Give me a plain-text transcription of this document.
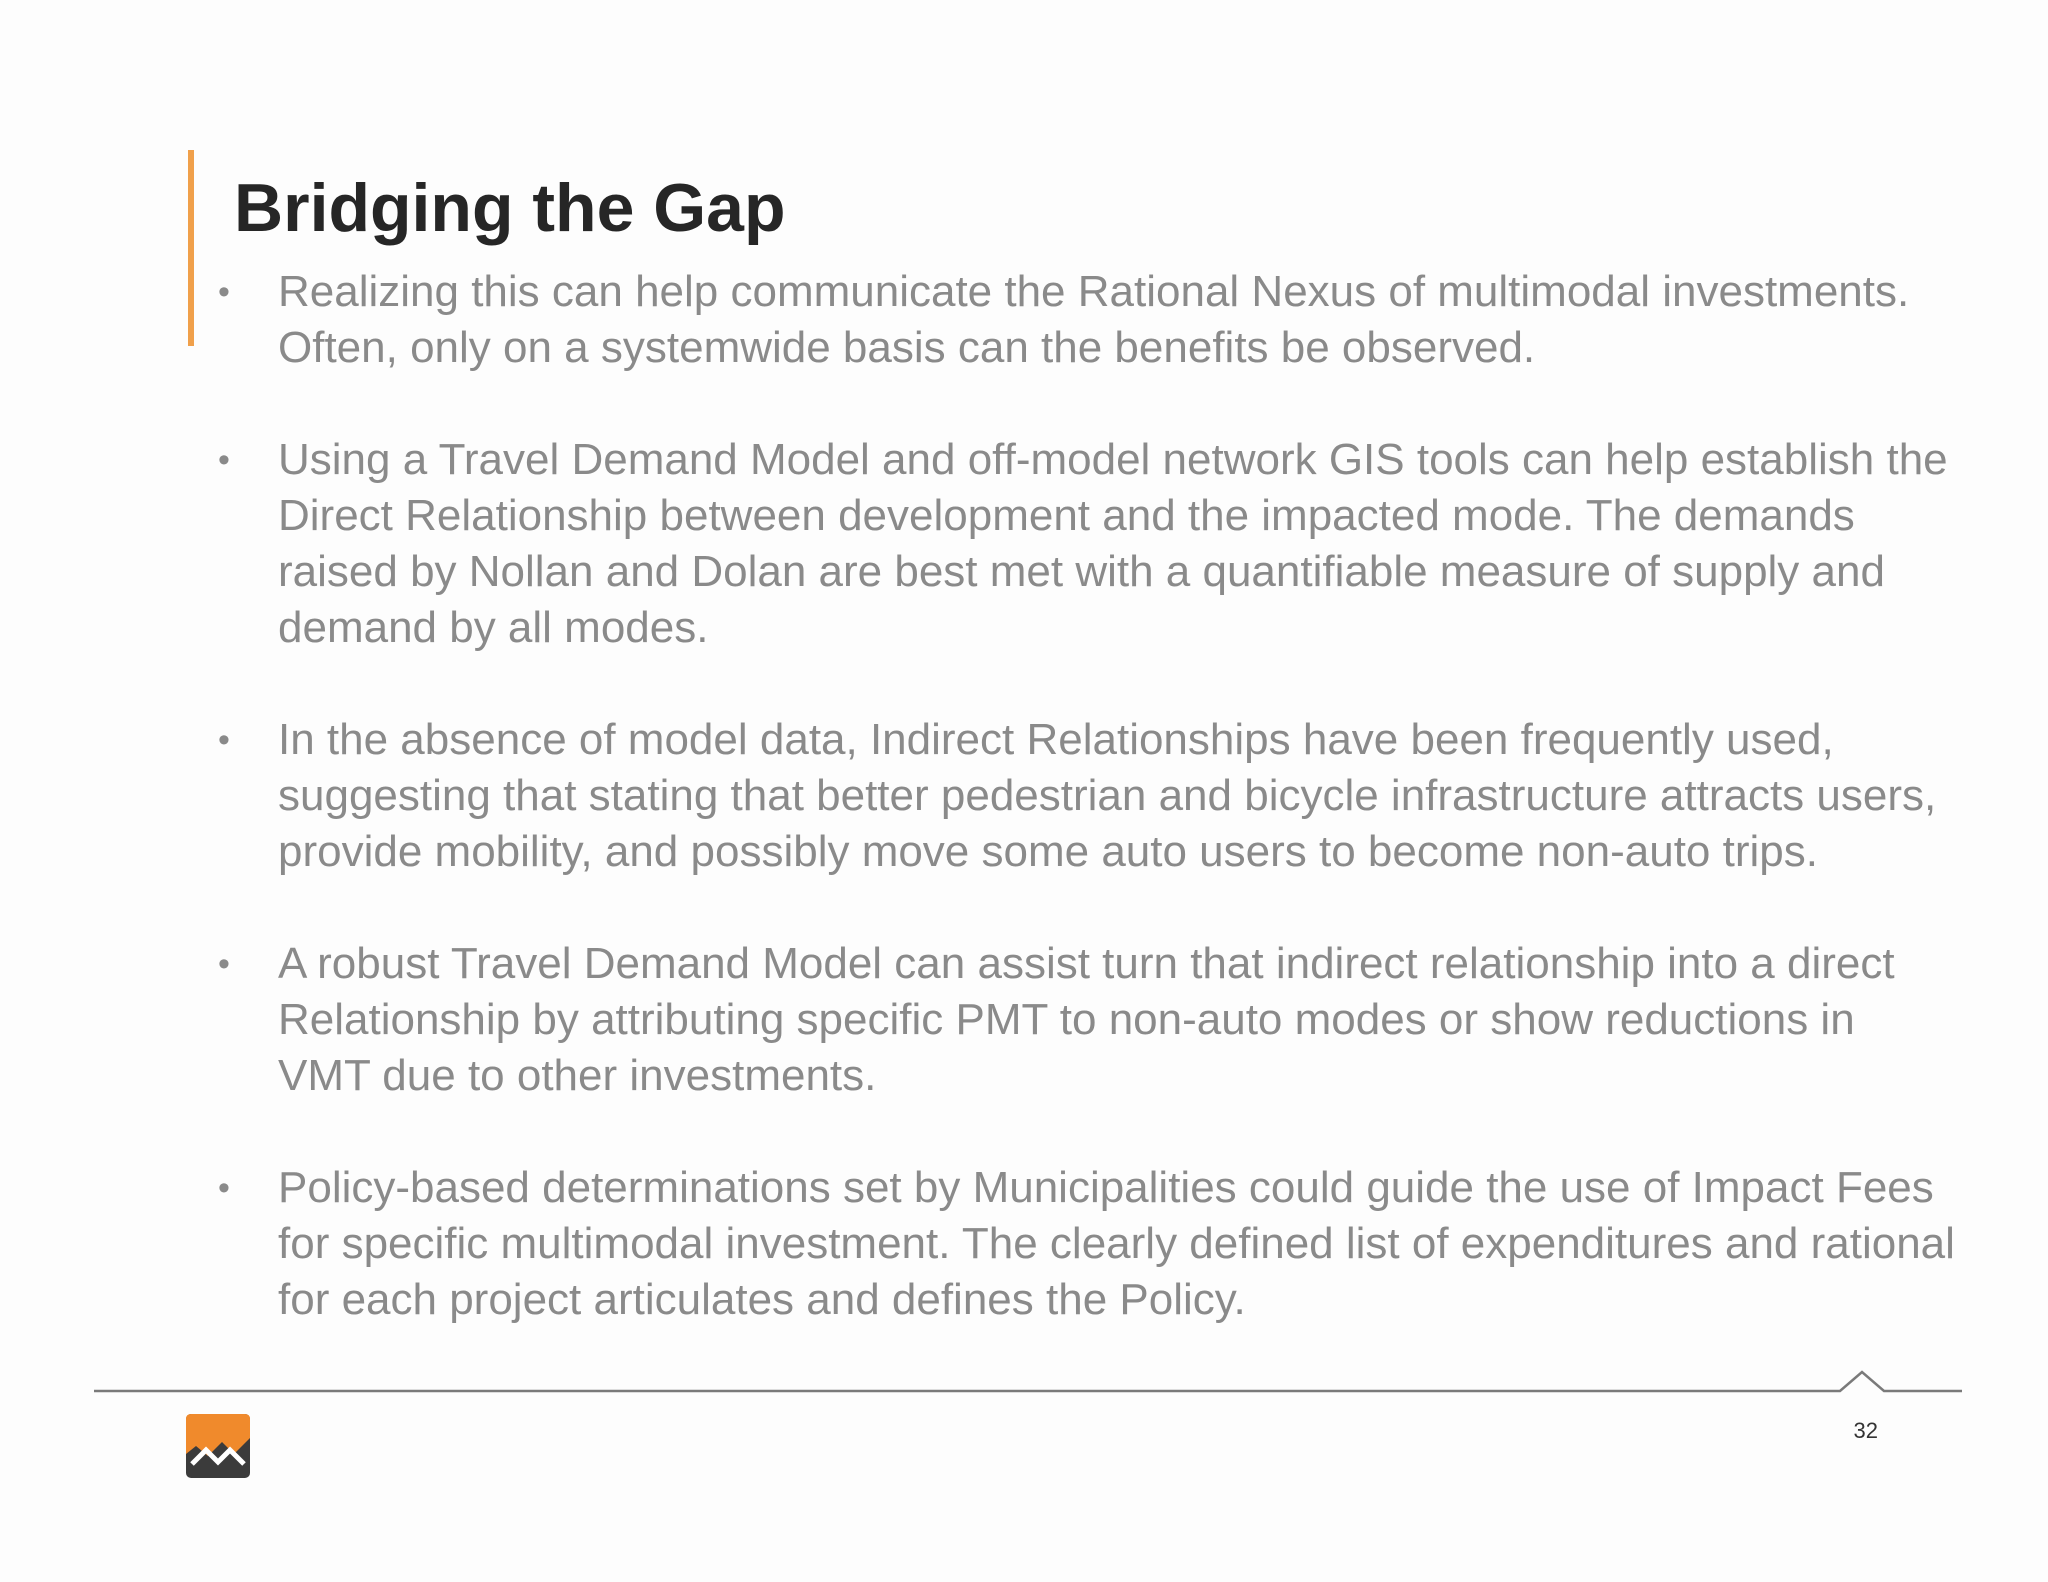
Bridging the Gap
•	Realizing this can help communicate the Rational Nexus of multimodal investments. Often, only on a systemwide basis can the benefits be observed.
•	Using a Travel Demand Model and off-model network GIS tools can help establish the Direct Relationship between development and the impacted mode. The demands raised by Nollan and Dolan are best met with a quantifiable measure of supply and demand by all modes.
•	In the absence of model data, Indirect Relationships have been frequently used, suggesting that stating that better pedestrian and bicycle infrastructure attracts users, provide mobility, and possibly move some auto users to become non-auto trips.
•	A robust Travel Demand Model can assist turn that indirect relationship into a direct Relationship by attributing specific PMT to non-auto modes or show reductions in VMT due to other investments.
•	Policy-based determinations set by Municipalities could guide the use of Impact Fees for specific multimodal investment. The clearly defined list of expenditures and rational for each project articulates and defines the Policy.
32
